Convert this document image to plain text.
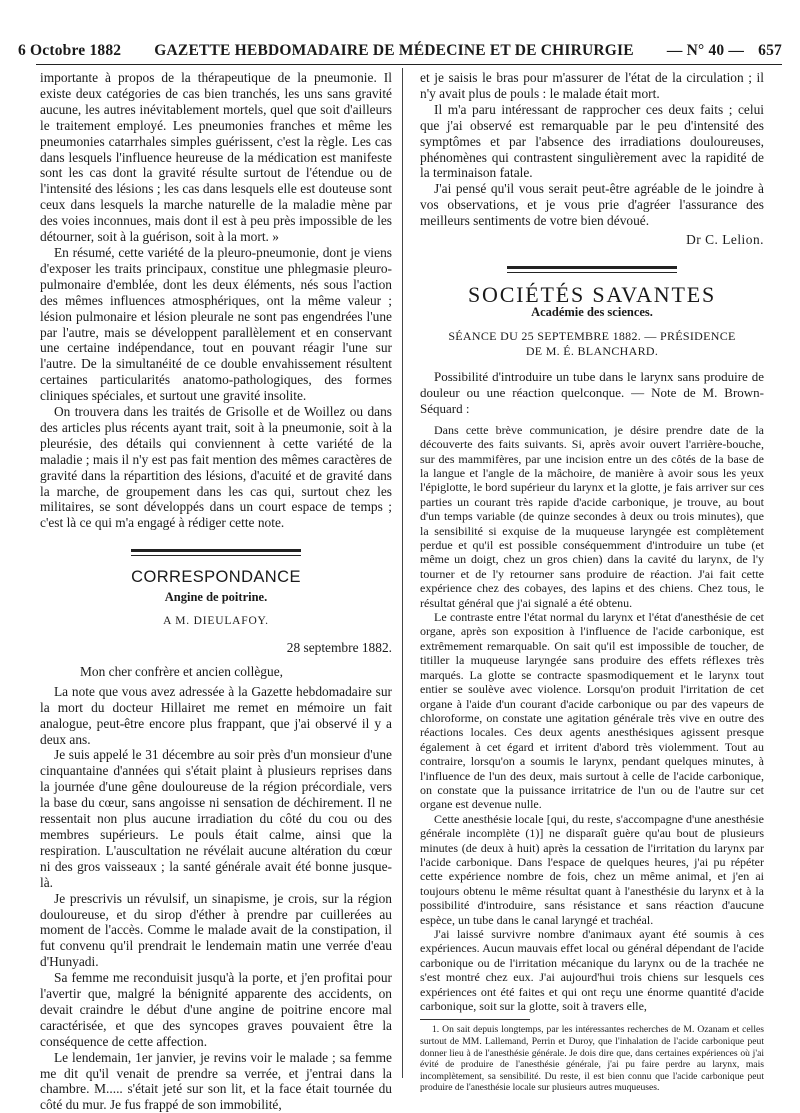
6 Octobre 1882	GAZETTE HEBDOMADAIRE DE MÉDECINE ET DE CHIRURGIE	— N° 40 — 657

importante à propos de la thérapeutique de la pneumonie. Il existe deux catégories de cas bien tranchés, les uns sans gravité aucune, les autres inévitablement mortels, quel que soit d'ailleurs le traitement employé. Les pneumonies franches et même les pneumonies catarrhales simples guérissent, c'est la règle. Les cas dans lesquels l'influence heureuse de la médication est manifeste sont les cas dont la gravité résulte surtout de l'étendue ou de l'intensité des lésions ; les cas dans lesquels elle est douteuse sont ceux dans lesquels la marche naturelle de la maladie mène par des voies inconnues, mais dont il est à peu près impossible de les détourner, soit à la guérison, soit à la mort. »

En résumé, cette variété de la pleuro-pneumonie, dont je viens d'exposer les traits principaux, constitue une phlegmasie pleuro-pulmonaire d'emblée, dont les deux éléments, nés sous l'action des mêmes influences atmosphériques, ont la même valeur ; lésion pulmonaire et lésion pleurale ne sont pas engendrées l'une par l'autre, mais se développent parallèlement et en conservant une certaine indépendance, tout en pouvant réagir l'une sur l'autre. De la simultanéité de ce double envahissement résultent certaines particularités anatomo-pathologiques, des formes cliniques spéciales, et surtout une gravité insolite.

On trouvera dans les traités de Grisolle et de Woillez ou dans des articles plus récents ayant trait, soit à la pneumonie, soit à la pleurésie, des détails qui conviennent à cette variété de la maladie ; mais il n'y est pas fait mention des mêmes caractères de gravité dans la répartition des lésions, d'acuité et de gravité dans la marche, de groupement dans les cas qui, surtout chez les militaires, se sont développés dans un court espace de temps ; c'est là ce qui m'a engagé à rédiger cette note.

CORRESPONDANCE
Angine de poitrine.
A M. DIEULAFOY.
28 septembre 1882.

Mon cher confrère et ancien collègue,

La note que vous avez adressée à la Gazette hebdomadaire sur la mort du docteur Hillairet me remet en mémoire un fait analogue, peut-être encore plus frappant, que j'ai observé il y a deux ans.

Je suis appelé le 31 décembre au soir près d'un monsieur d'une cinquantaine d'années qui s'était plaint à plusieurs reprises dans la journée d'une gêne douloureuse de la région précordiale, vers la base du cœur, sans angoisse ni sensation de déchirement. Il ne ressentait non plus aucune irradiation du côté du cou ou des membres supérieurs. Le pouls était calme, ainsi que la respiration. L'auscultation ne révélait aucune altération du cœur ni des gros vaisseaux ; la santé générale avait été bonne jusque-là.

Je prescrivis un révulsif, un sinapisme, je crois, sur la région douloureuse, et du sirop d'éther à prendre par cuillerées au moment de l'accès. Comme le malade avait de la constipation, il fut convenu qu'il prendrait le lendemain matin une verrée d'eau d'Hunyadi.

Sa femme me reconduisit jusqu'à la porte, et j'en profitai pour l'avertir que, malgré la bénignité apparente des accidents, on devait craindre le début d'une angine de poitrine encore mal caractérisée, et que des syncopes graves pouvaient être la conséquence de cette affection.

Le lendemain, 1er janvier, je revins voir le malade ; sa femme me dit qu'il venait de prendre sa verrée, et j'entrai dans la chambre. M..... s'était jeté sur son lit, et la face était tournée du côté du mur. Je fus frappé de son immobilité,

et je saisis le bras pour m'assurer de l'état de la circulation ; il n'y avait plus de pouls : le malade était mort.

Il m'a paru intéressant de rapprocher ces deux faits ; celui que j'ai observé est remarquable par le peu d'intensité des symptômes et par l'absence des irradiations douloureuses, phénomènes qui contrastent singulièrement avec la rapidité de la terminaison fatale.

J'ai pensé qu'il vous serait peut-être agréable de le joindre à vos observations, et je vous prie d'agréer l'assurance des meilleurs sentiments de votre bien dévoué.

Dr C. Lelion.
SOCIÉTÉS SAVANTES
Académie des sciences.
SÉANCE DU 25 SEPTEMBRE 1882. — PRÉSIDENCE
DE M. É. BLANCHARD.

Possibilité d'introduire un tube dans le larynx sans produire de douleur ou une réaction quelconque. — Note de M. Brown-Séquard :

Dans cette brève communication, je désire prendre date de la découverte des faits suivants. Si, après avoir ouvert l'arrière-bouche, sur des mammifères, par une incision entre un des côtés de la base de la langue et l'angle de la mâchoire, de manière à avoir sous les yeux l'épiglotte, le bord supérieur du larynx et la glotte, je fais arriver sur ces parties un courant très rapide d'acide carbonique, je trouve, au bout d'un temps variable (de quinze secondes à deux ou trois minutes), que la sensibilité si exquise de la muqueuse laryngée est complètement perdue et qu'il est possible conséquemment d'introduire un tube (et même un doigt, chez un gros chien) dans la cavité du larynx, de l'y tourner et de l'y retourner sans produire de réaction. J'ai fait cette expérience chez des cobayes, des lapins et des chiens. Chez tous, le résultat général que j'ai signalé a été obtenu.

Le contraste entre l'état normal du larynx et l'état d'anesthésie de cet organe, après son exposition à l'influence de l'acide carbonique, est extrêmement remarquable. On sait qu'il est impossible de toucher, de titiller la muqueuse laryngée sans produire des effets réflexes très marqués. La glotte se contracte spasmodiquement et le larynx tout entier se soulève avec violence. Lorsqu'on produit l'irritation de cet organe à l'aide d'un courant d'acide carbonique ou par des vapeurs de chloroforme, on constate une agitation générale très vive en outre des réactions locales. Ces deux agents anesthésiques agissent presque également à cet égard et irritent d'abord très violemment. Tout au contraire, lorsqu'on a soumis le larynx, pendant quelques minutes, à l'influence de l'un des deux, mais surtout à celle de l'acide carbonique, on constate que la puissance irritatrice de l'un ou de l'autre sur cet organe est devenue nulle.

Cette anesthésie locale [qui, du reste, s'accompagne d'une anesthésie générale incomplète (1)] ne disparaît guère qu'au bout de plusieurs minutes (de deux à huit) après la cessation de l'irritation du larynx par l'acide carbonique. Dans l'espace de quelques heures, j'ai pu répéter cette expérience nombre de fois, chez un même animal, et j'en ai toujours obtenu le même résultat quant à l'anesthésie du larynx et à la possibilité d'introduire, sans résistance et sans réaction d'aucune espèce, un tube dans le canal laryngé et trachéal.

J'ai laissé survivre nombre d'animaux ayant été soumis à ces expériences. Aucun mauvais effet local ou général dépendant de l'acide carbonique ou de l'irritation mécanique du larynx ou de la trachée ne s'est montré chez eux. J'ai aujourd'hui trois chiens sur lesquels ces expériences ont été faites et qui ont reçu une énorme quantité d'acide carbonique, soit sur la glotte, soit à travers elle,

1. On sait depuis longtemps, par les intéressantes recherches de M. Ozanam et celles surtout de MM. Lallemand, Perrin et Duroy, que l'inhalation de l'acide carbonique peut donner lieu à de l'anesthésie générale. Je dois dire que, dans certaines expériences où j'ai évité de produire de l'anesthésie générale, j'ai pu faire perdre au larynx, mais incomplètement, sa sensibilité. Du reste, il est bien connu que l'acide carbonique peut produire de l'anesthésie locale sur plusieurs autres muqueuses.
